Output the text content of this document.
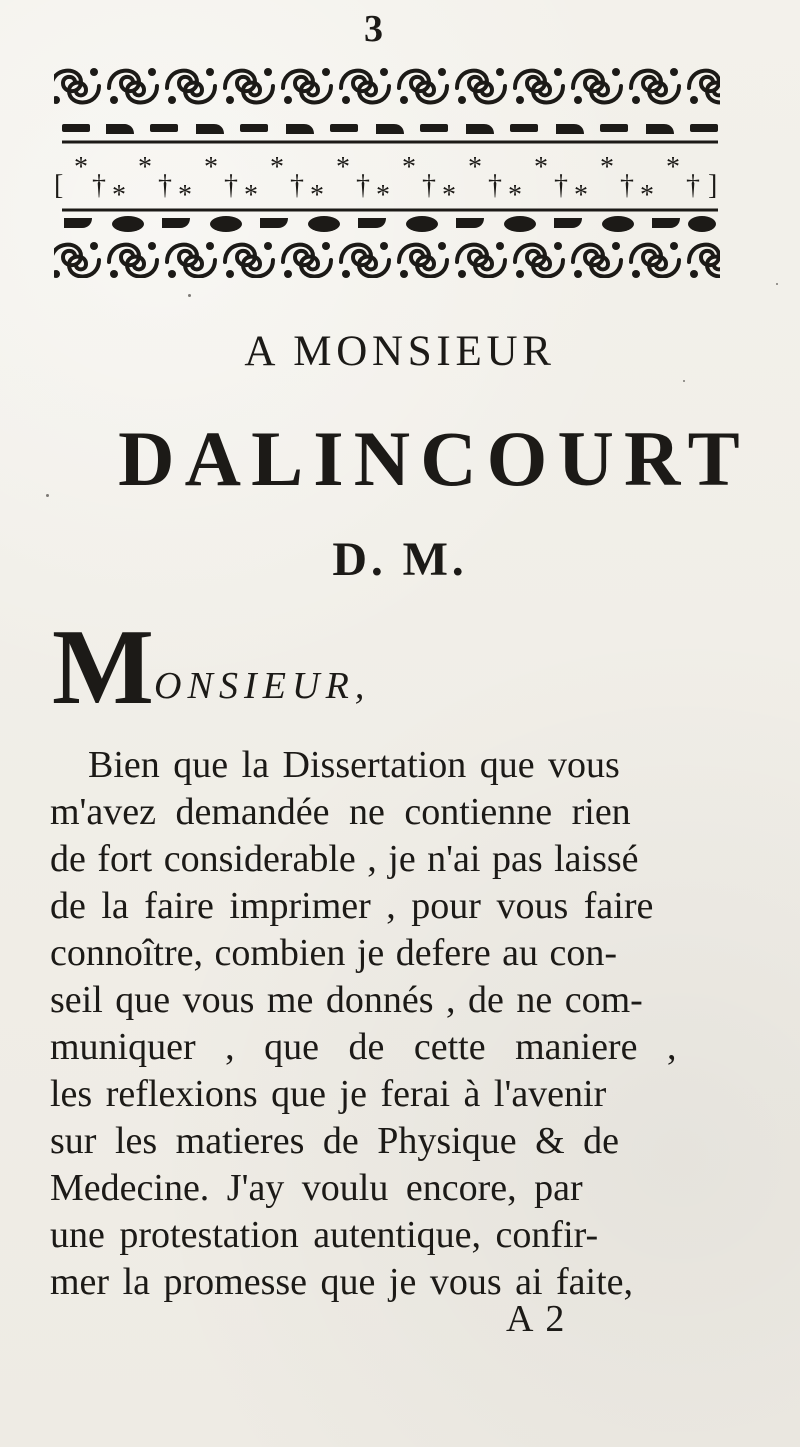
3
[
*
† *
*
† *
*
† *
*
† *
*
† *
*
† *
*
† *
*
† *
*
† *
*
† ]
A MONSIEUR
DALINCOURT
D. M.
M ONSIEUR,
Bien que la Dissertation que vous
m'avez demandée ne contienne rien
de fort considerable , je n'ai pas laissé
de la faire imprimer , pour vous faire
connoître, combien je defere au con-
seil que vous me donnés , de ne com-
muniquer , que de cette maniere ,
les reflexions que je ferai à l'avenir
sur les matieres de Physique & de
Medecine. J'ay voulu encore, par
une protestation autentique, confir-
mer la promesse que je vous ai faite,
A 2
